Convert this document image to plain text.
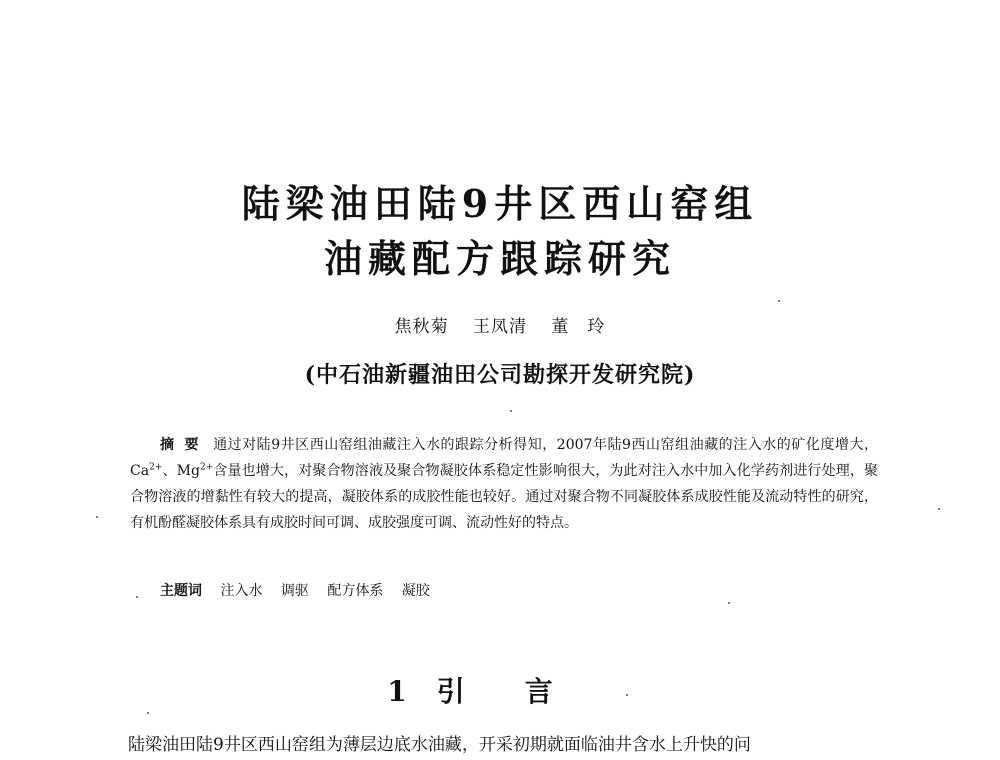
陆梁油田陆9井区西山窑组
油藏配方跟踪研究
焦秋菊 王凤清 董　玲
(中石油新疆油田公司勘探开发研究院)
摘要 通过对陆9井区西山窑组油藏注入水的跟踪分析得知，2007年陆9西山窑组油藏的注入水的矿化度增大，$Ca^{2+}$、$Mg^{2+}$含量也增大，对聚合物溶液及聚合物凝胶体系稳定性影响很大，为此对注入水中加入化学药剂进行处理，聚合物溶液的增黏性有较大的提高，凝胶体系的成胶性能也较好。通过对聚合物不同凝胶体系成胶性能及流动特性的研究，有机酚醛凝胶体系具有成胶时间可调、成胶强度可调、流动性好的特点。
主题词 注入水 调驱 配方体系 凝胶
1 引言
陆梁油田陆9井区西山窑组为薄层边底水油藏，开采初期就面临油井含水上升快的问
